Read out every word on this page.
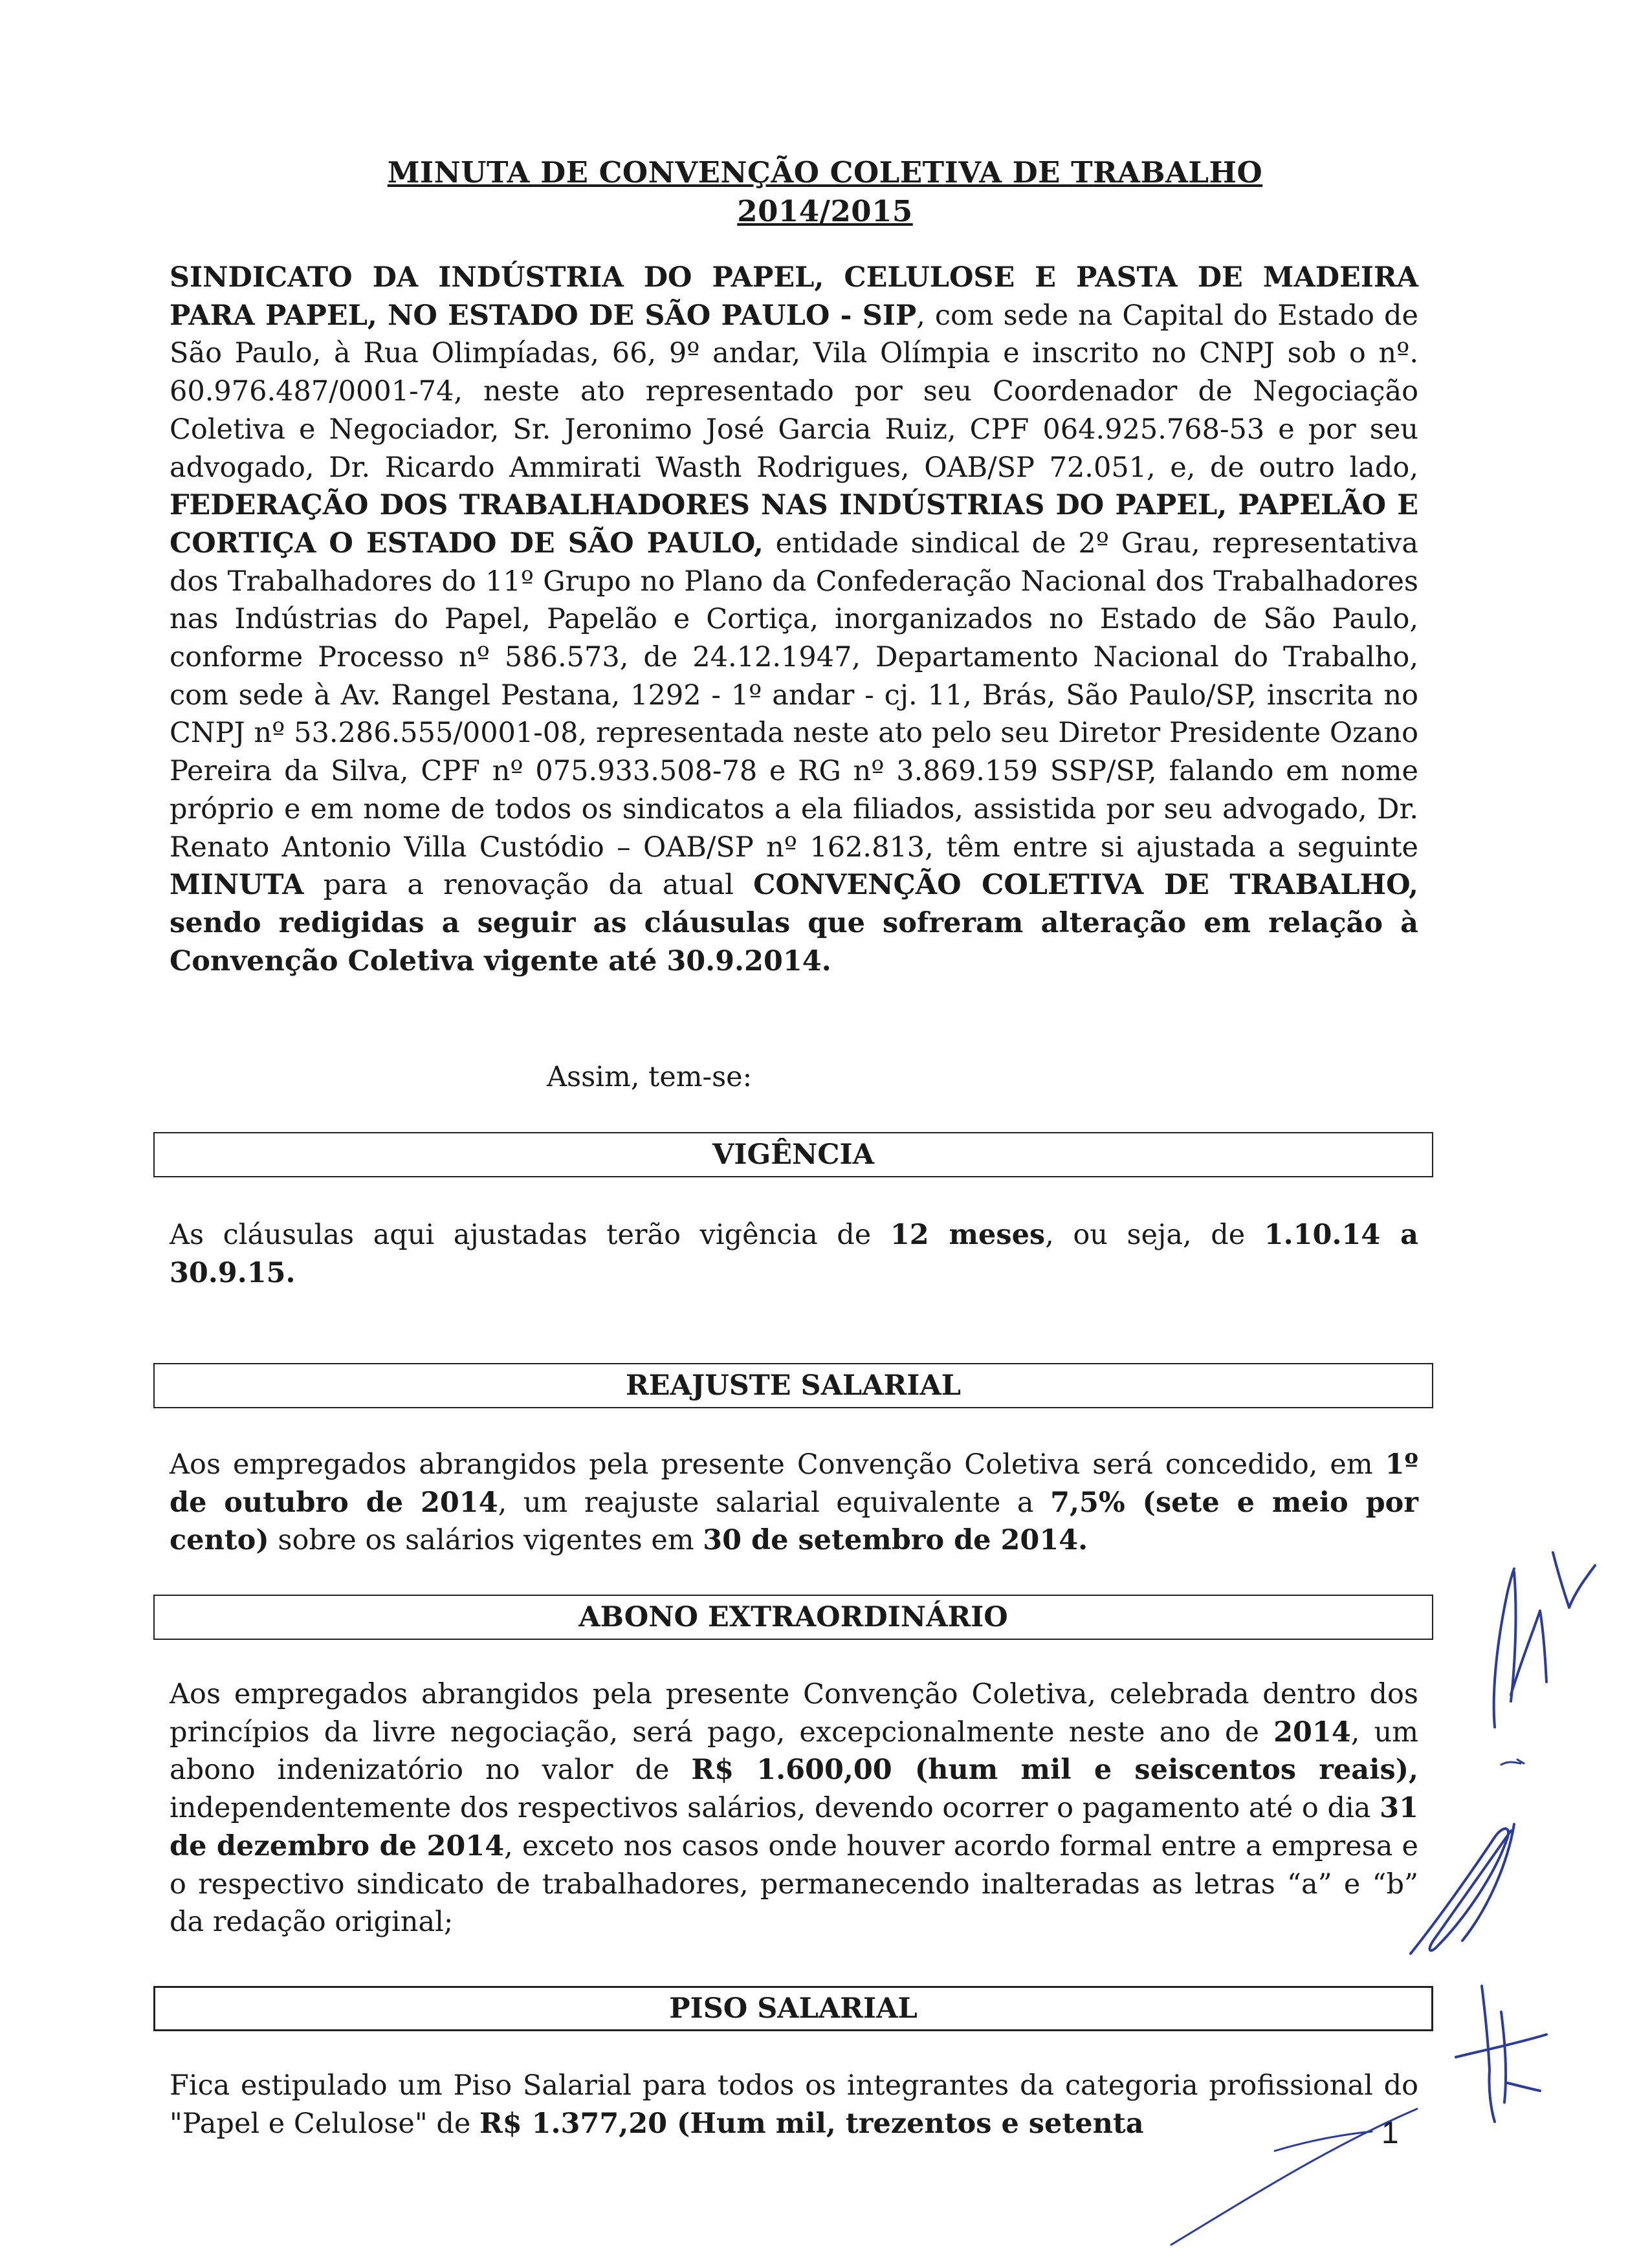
MINUTA DE CONVENÇÃO COLETIVA DE TRABALHO
2014/2015
SINDICATO DA INDÚSTRIA DO PAPEL, CELULOSE E PASTA DE MADEIRA PARA PAPEL, NO ESTADO DE SÃO PAULO - SIP, com sede na Capital do Estado de São Paulo, à Rua Olimpíadas, 66, 9º andar, Vila Olímpia e inscrito no CNPJ sob o nº. 60.976.487/0001-74, neste ato representado por seu Coordenador de Negociação Coletiva e Negociador, Sr. Jeronimo José Garcia Ruiz, CPF 064.925.768-53 e por seu advogado, Dr. Ricardo Ammirati Wasth Rodrigues, OAB/SP 72.051, e, de outro lado, FEDERAÇÃO DOS TRABALHADORES NAS INDÚSTRIAS DO PAPEL, PAPELÃO E CORTIÇA O ESTADO DE SÃO PAULO, entidade sindical de 2º Grau, representativa dos Trabalhadores do 11º Grupo no Plano da Confederação Nacional dos Trabalhadores nas Indústrias do Papel, Papelão e Cortiça, inorganizados no Estado de São Paulo, conforme Processo nº 586.573, de 24.12.1947, Departamento Nacional do Trabalho, com sede à Av. Rangel Pestana, 1292 - 1º andar - cj. 11, Brás, São Paulo/SP, inscrita no CNPJ nº 53.286.555/0001-08, representada neste ato pelo seu Diretor Presidente Ozano Pereira da Silva, CPF nº 075.933.508-78 e RG nº 3.869.159 SSP/SP, falando em nome próprio e em nome de todos os sindicatos a ela filiados, assistida por seu advogado, Dr. Renato Antonio Villa Custódio – OAB/SP nº 162.813, têm entre si ajustada a seguinte MINUTA para a renovação da atual CONVENÇÃO COLETIVA DE TRABALHO, sendo redigidas a seguir as cláusulas que sofreram alteração em relação à Convenção Coletiva vigente até 30.9.2014.
Assim, tem-se:
VIGÊNCIA
As cláusulas aqui ajustadas terão vigência de 12 meses, ou seja, de 1.10.14 a 30.9.15.
REAJUSTE SALARIAL
Aos empregados abrangidos pela presente Convenção Coletiva será concedido, em 1º de outubro de 2014, um reajuste salarial equivalente a 7,5% (sete e meio por cento) sobre os salários vigentes em 30 de setembro de 2014.
ABONO EXTRAORDINÁRIO
Aos empregados abrangidos pela presente Convenção Coletiva, celebrada dentro dos princípios da livre negociação, será pago, excepcionalmente neste ano de 2014, um abono indenizatório no valor de R$ 1.600,00 (hum mil e seiscentos reais), independentemente dos respectivos salários, devendo ocorrer o pagamento até o dia 31 de dezembro de 2014, exceto nos casos onde houver acordo formal entre a empresa e o respectivo sindicato de trabalhadores, permanecendo inalteradas as letras “a” e “b” da redação original;
PISO SALARIAL
Fica estipulado um Piso Salarial para todos os integrantes da categoria profissional do "Papel e Celulose" de R$ 1.377,20 (Hum mil, trezentos e setenta	1
